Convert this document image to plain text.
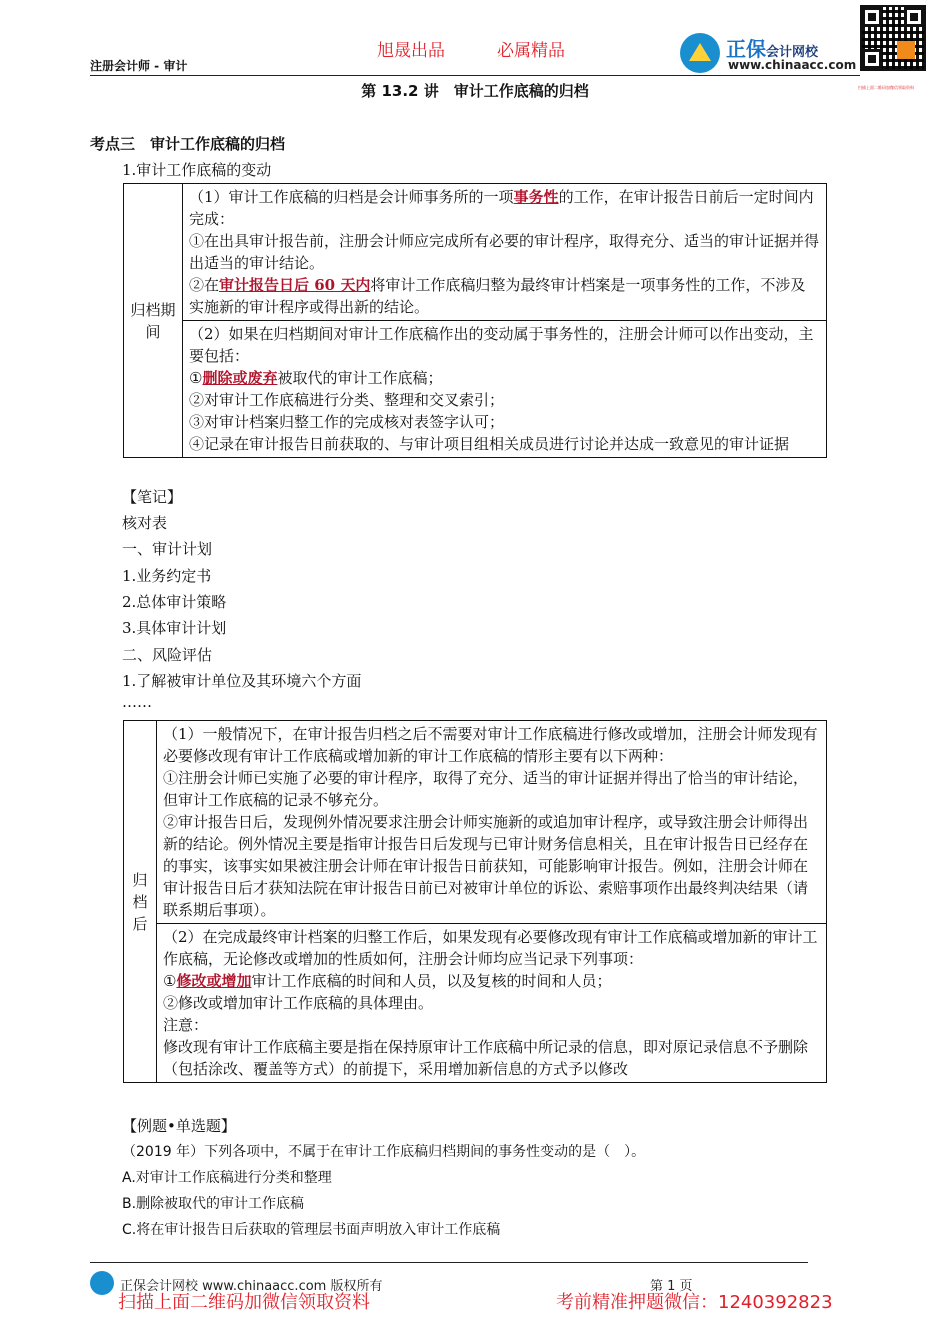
旭晟出品	必属精品
注册会计师 - 审计
正保会计网校
www.chinaacc.com
扫描上面二维码加微信领取资料
第 13.2 讲　审计工作底稿的归档
考点三　审计工作底稿的归档
1.审计工作底稿的变动
归档期间	
（1）审计工作底稿的归档是会计师事务所的一项事务性的工作，在审计报告日前后一定时间内完成：
①在出具审计报告前，注册会计师应完成所有必要的审计程序，取得充分、适当的审计证据并得出适当的审计结论。
②在审计报告日后 60 天内将审计工作底稿归整为最终审计档案是一项事务性的工作，不涉及实施新的审计程序或得出新的结论。

（2）如果在归档期间对审计工作底稿作出的变动属于事务性的，注册会计师可以作出变动，主要包括：
①删除或废弃被取代的审计工作底稿；
②对审计工作底稿进行分类、整理和交叉索引；
③对审计档案归整工作的完成核对表签字认可；
④记录在审计报告日前获取的、与审计项目组相关成员进行讨论并达成一致意见的审计证据
【笔记】
核对表
一、审计计划
1.业务约定书
2.总体审计策略
3.具体审计计划
二、风险评估
1.了解被审计单位及其环境六个方面
……
归
档
后

（1）一般情况下，在审计报告归档之后不需要对审计工作底稿进行修改或增加，注册会计师发现有必要修改现有审计工作底稿或增加新的审计工作底稿的情形主要有以下两种：
①注册会计师已实施了必要的审计程序，取得了充分、适当的审计证据并得出了恰当的审计结论，但审计工作底稿的记录不够充分。
②审计报告日后，发现例外情况要求注册会计师实施新的或追加审计程序，或导致注册会计师得出新的结论。例外情况主要是指审计报告日后发现与已审计财务信息相关，且在审计报告日已经存在的事实，该事实如果被注册会计师在审计报告日前获知，可能影响审计报告。例如，注册会计师在审计报告日后才获知法院在审计报告日前已对被审计单位的诉讼、索赔事项作出最终判决结果（请联系期后事项）。

（2）在完成最终审计档案的归整工作后，如果发现有必要修改现有审计工作底稿或增加新的审计工作底稿，无论修改或增加的性质如何，注册会计师均应当记录下列事项：
①修改或增加审计工作底稿的时间和人员，以及复核的时间和人员；
②修改或增加审计工作底稿的具体理由。
注意：
修改现有审计工作底稿主要是指在保持原审计工作底稿中所记录的信息，即对原记录信息不予删除（包括涂改、覆盖等方式）的前提下，采用增加新信息的方式予以修改
【例题•单选题】
（2019 年）下列各项中，不属于在审计工作底稿归档期间的事务性变动的是（　）。
A.对审计工作底稿进行分类和整理
B.删除被取代的审计工作底稿
C.将在审计报告日后获取的管理层书面声明放入审计工作底稿
正保会计网校 www.chinaacc.com 版权所有	第 1 页
扫描上面二维码加微信领取资料	考前精准押题微信：1240392823
